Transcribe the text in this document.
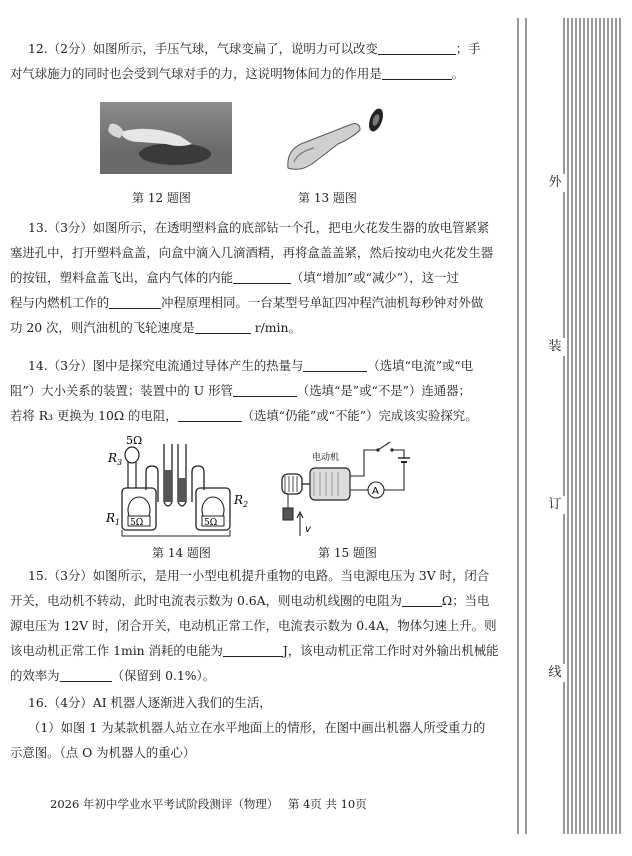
12.（2分）如图所示，手压气球，气球变扁了，说明力可以改变	；手
对气球施力的同时也会受到气球对手的力，这说明物体间力的作用是	。
第 12 题图	第 13 题图
13.（3分）如图所示，在透明塑料盒的底部钻一个孔，把电火花发生器的放电管紧紧
塞进孔中，打开塑料盒盖，向盒中滴入几滴酒精，再将盒盖盖紧，然后按动电火花发生器
的按钮，塑料盒盖飞出，盒内气体的内能	（填“增加”或“减少”），这一过
程与内燃机工作的	冲程原理相同。一台某型号单缸四冲程汽油机每秒钟对外做
功 20 次，则汽油机的飞轮速度是	r/min。
14.（3分）图中是探究电流通过导体产生的热量与	（选填“电流”或“电
阻”）大小关系的装置；装置中的 U 形管	（选填“是”或“不是”）连通器；
若将 R₃ 更换为 10Ω 的电阻，	（选填“仍能”或“不能”）完成该实验探究。
5Ω
$R_3$
5Ω	5Ω
$R_1$
$R_2$
电动机
A
v
第 14 题图	第 15 题图
15.（3分）如图所示，是用一小型电机提升重物的电路。当电源电压为 3V 时，闭合
开关，电动机不转动，此时电流表示数为 0.6A，则电动机线圈的电阻为	Ω；当电
源电压为 12V 时，闭合开关，电动机正常工作，电流表示数为 0.4A，物体匀速上升。则
该电动机正常工作 1min 消耗的电能为	J，该电动机正常工作时对外输出机械能
的效率为	（保留到 0.1%）。
16.（4分）AI 机器人逐渐进入我们的生活，
（1）如图 1 为某款机器人站立在水平地面上的情形，在图中画出机器人所受重力的
示意图。（点 O 为机器人的重心）
2026 年初中学业水平考试阶段测评（物理）　 第 4页 共 10页
外
装
订
线
